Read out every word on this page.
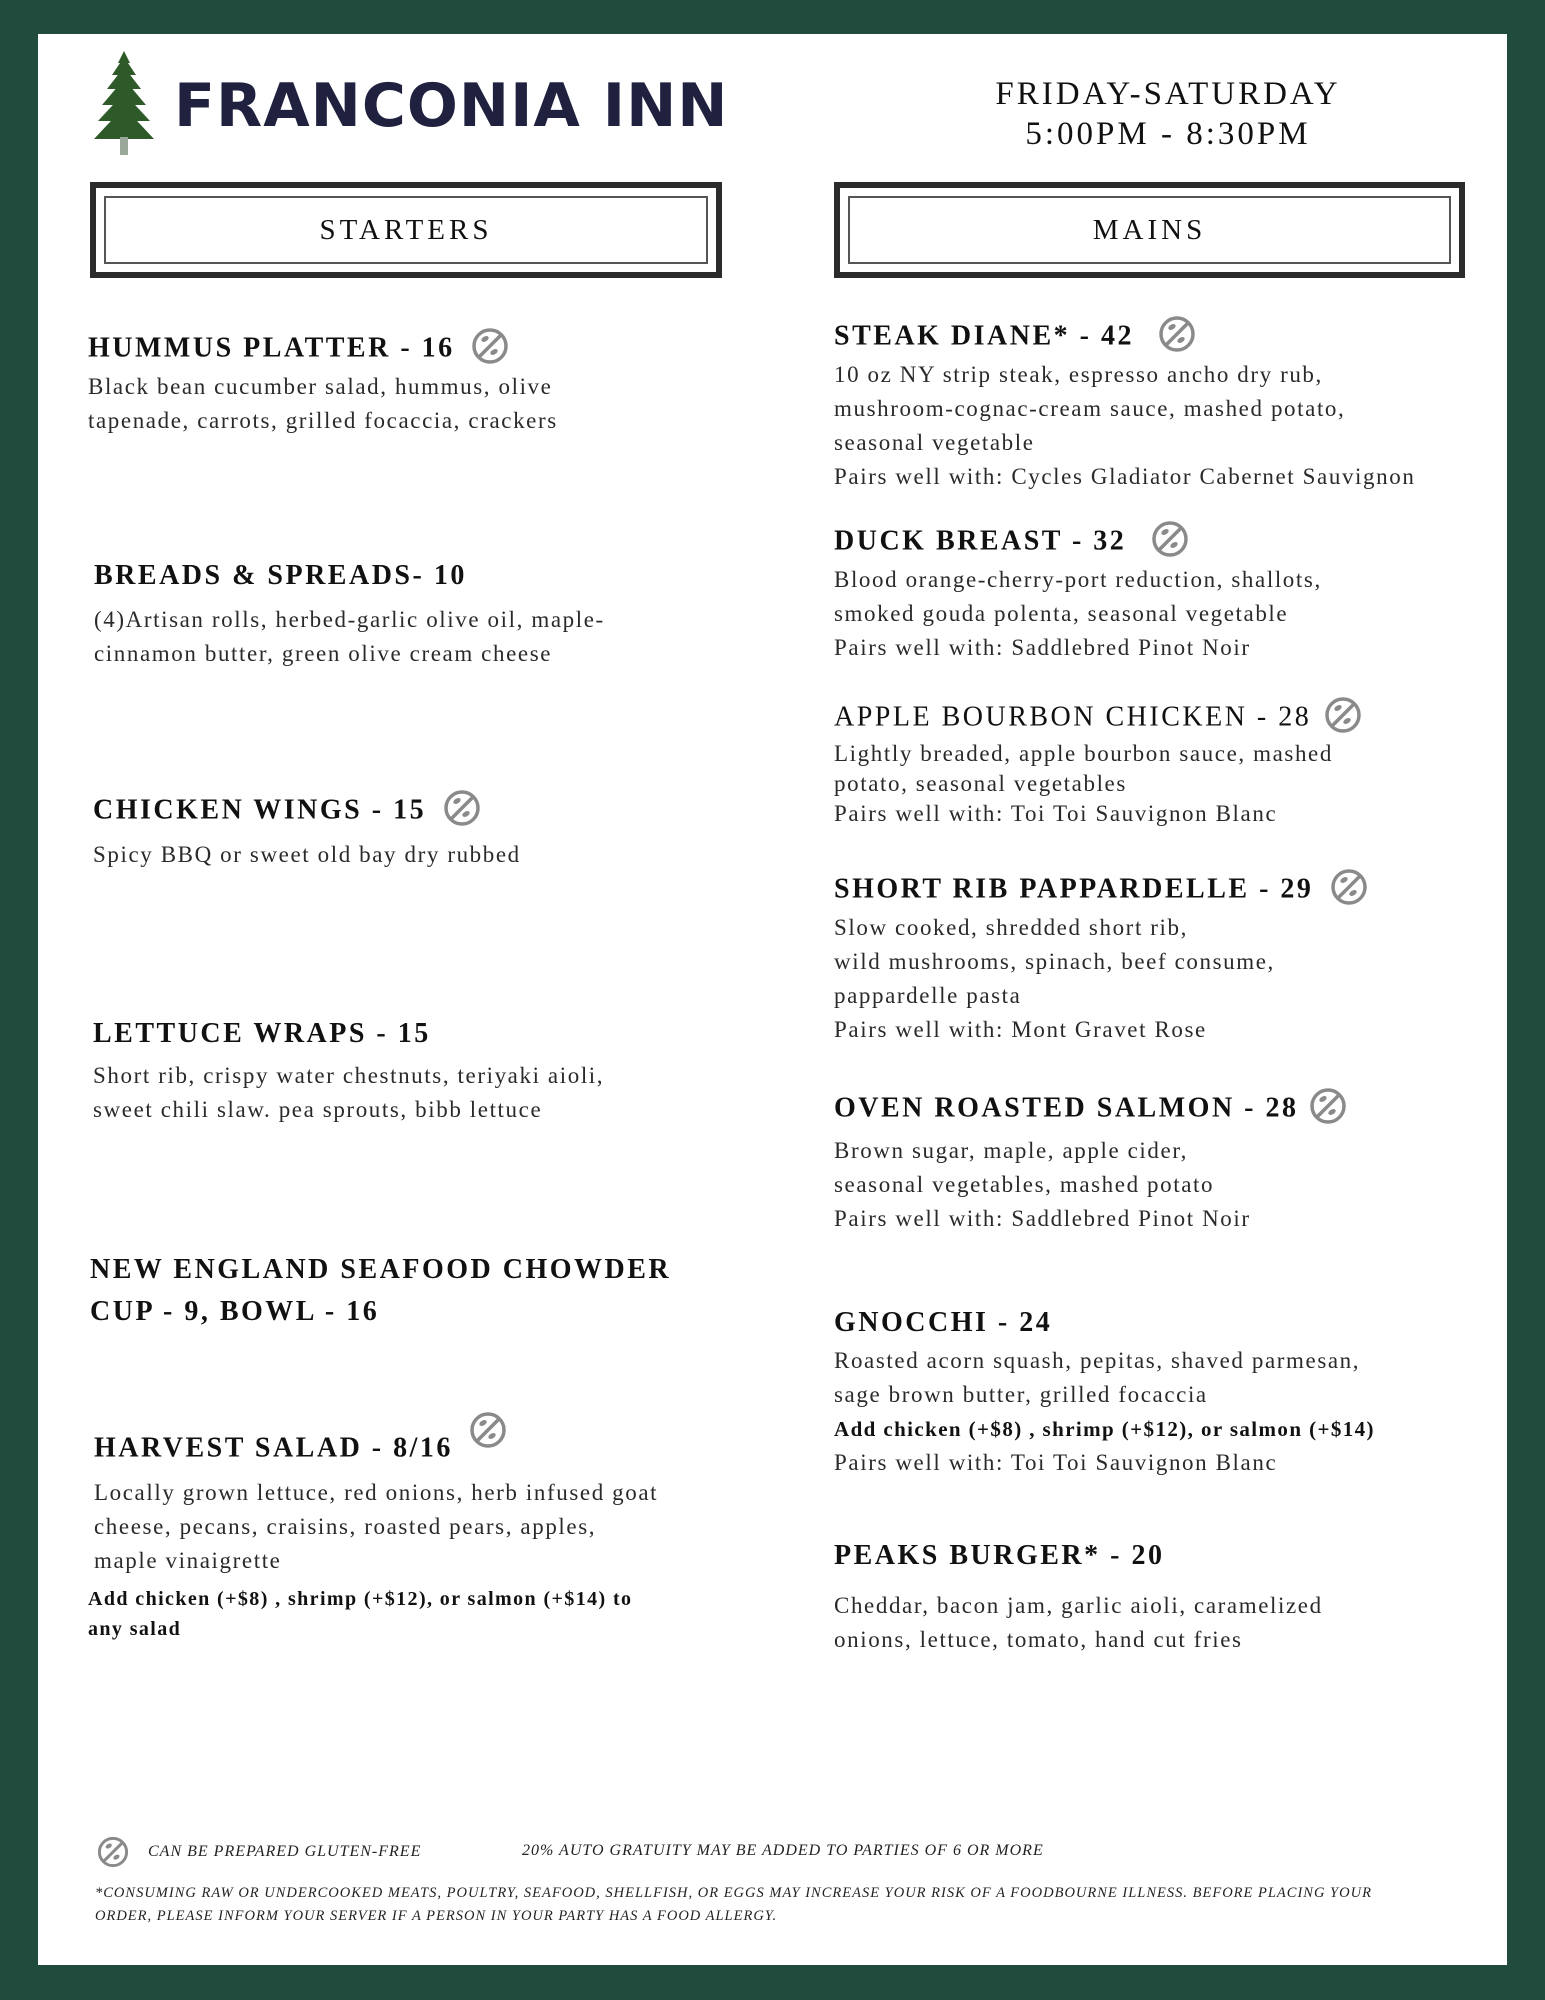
FRANCONIA INN	FRIDAY-SATURDAY
5:00PM - 8:30PM
STARTERS	MAINS
HUMMUS PLATTER - 16
Black bean cucumber salad, hummus, olive
tapenade, carrots, grilled focaccia, crackers
BREADS & SPREADS- 10
(4)Artisan rolls, herbed-garlic olive oil, maple-
cinnamon butter, green olive cream cheese
CHICKEN WINGS - 15
Spicy BBQ or sweet old bay dry rubbed
LETTUCE WRAPS - 15
Short rib, crispy water chestnuts, teriyaki aioli,
sweet chili slaw. pea sprouts, bibb lettuce
NEW ENGLAND SEAFOOD CHOWDER
CUP - 9, BOWL - 16
HARVEST SALAD - 8/16
Locally grown lettuce, red onions, herb infused goat
cheese, pecans, craisins, roasted pears, apples,
maple vinaigrette
Add chicken (+$8) , shrimp (+$12), or salmon (+$14) to
any salad
STEAK DIANE* - 42
10 oz NY strip steak, espresso ancho dry rub,
mushroom-cognac-cream sauce, mashed potato,
seasonal vegetable
Pairs well with: Cycles Gladiator Cabernet Sauvignon
DUCK BREAST - 32
Blood orange-cherry-port reduction, shallots,
smoked gouda polenta, seasonal vegetable
Pairs well with: Saddlebred Pinot Noir
APPLE BOURBON CHICKEN - 28
Lightly breaded, apple bourbon sauce, mashed
potato, seasonal vegetables
Pairs well with: Toi Toi Sauvignon Blanc
SHORT RIB PAPPARDELLE - 29
Slow cooked, shredded short rib,
wild mushrooms, spinach, beef consume,
pappardelle pasta
Pairs well with: Mont Gravet Rose
OVEN ROASTED SALMON - 28
Brown sugar, maple, apple cider,
seasonal vegetables, mashed potato
Pairs well with: Saddlebred Pinot Noir
GNOCCHI - 24
Roasted acorn squash, pepitas, shaved parmesan,
sage brown butter, grilled focaccia
Add chicken (+$8) , shrimp (+$12), or salmon (+$14)
Pairs well with: Toi Toi Sauvignon Blanc
PEAKS BURGER* - 20
Cheddar, bacon jam, garlic aioli, caramelized
onions, lettuce, tomato, hand cut fries
CAN BE PREPARED GLUTEN-FREE	20% AUTO GRATUITY MAY BE ADDED TO PARTIES OF 6 OR MORE
*CONSUMING RAW OR UNDERCOOKED MEATS, POULTRY, SEAFOOD, SHELLFISH, OR EGGS MAY INCREASE YOUR RISK OF A FOODBOURNE ILLNESS. BEFORE PLACING YOUR
ORDER, PLEASE INFORM YOUR SERVER IF A PERSON IN YOUR PARTY HAS A FOOD ALLERGY.
